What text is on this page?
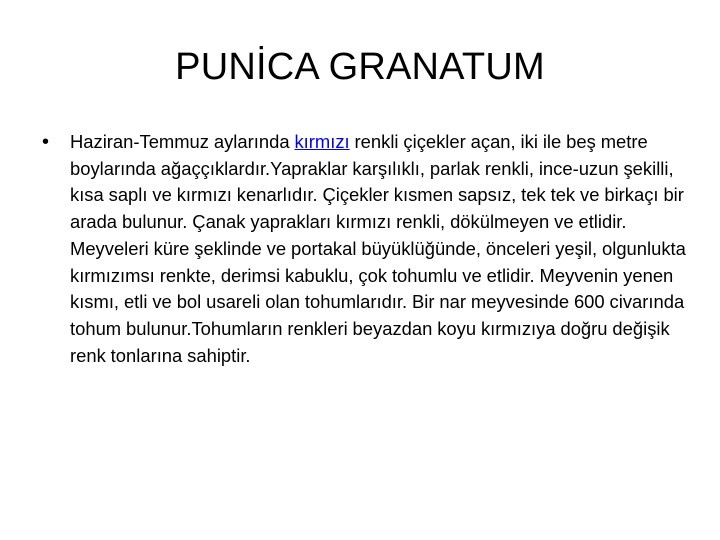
PUNİCA GRANATUM
•	Haziran-Temmuz aylarında kırmızı renkli çiçekler açan, iki ile beş metre boylarında ağaççıklardır.Yapraklar karşılıklı, parlak renkli, ince-uzun şekilli, kısa saplı ve kırmızı kenarlıdır. Çiçekler kısmen sapsız, tek tek ve birkaçı bir arada bulunur. Çanak yaprakları kırmızı renkli, dökülmeyen ve etlidir. Meyveleri küre şeklinde ve portakal büyüklüğünde, önceleri yeşil, olgunlukta kırmızımsı renkte, derimsi kabuklu, çok tohumlu ve etlidir. Meyvenin yenen kısmı, etli ve bol usareli olan tohumlarıdır. Bir nar meyvesinde 600 civarında tohum bulunur.Tohumların renkleri beyazdan koyu kırmızıya doğru değişik renk tonlarına sahiptir.
